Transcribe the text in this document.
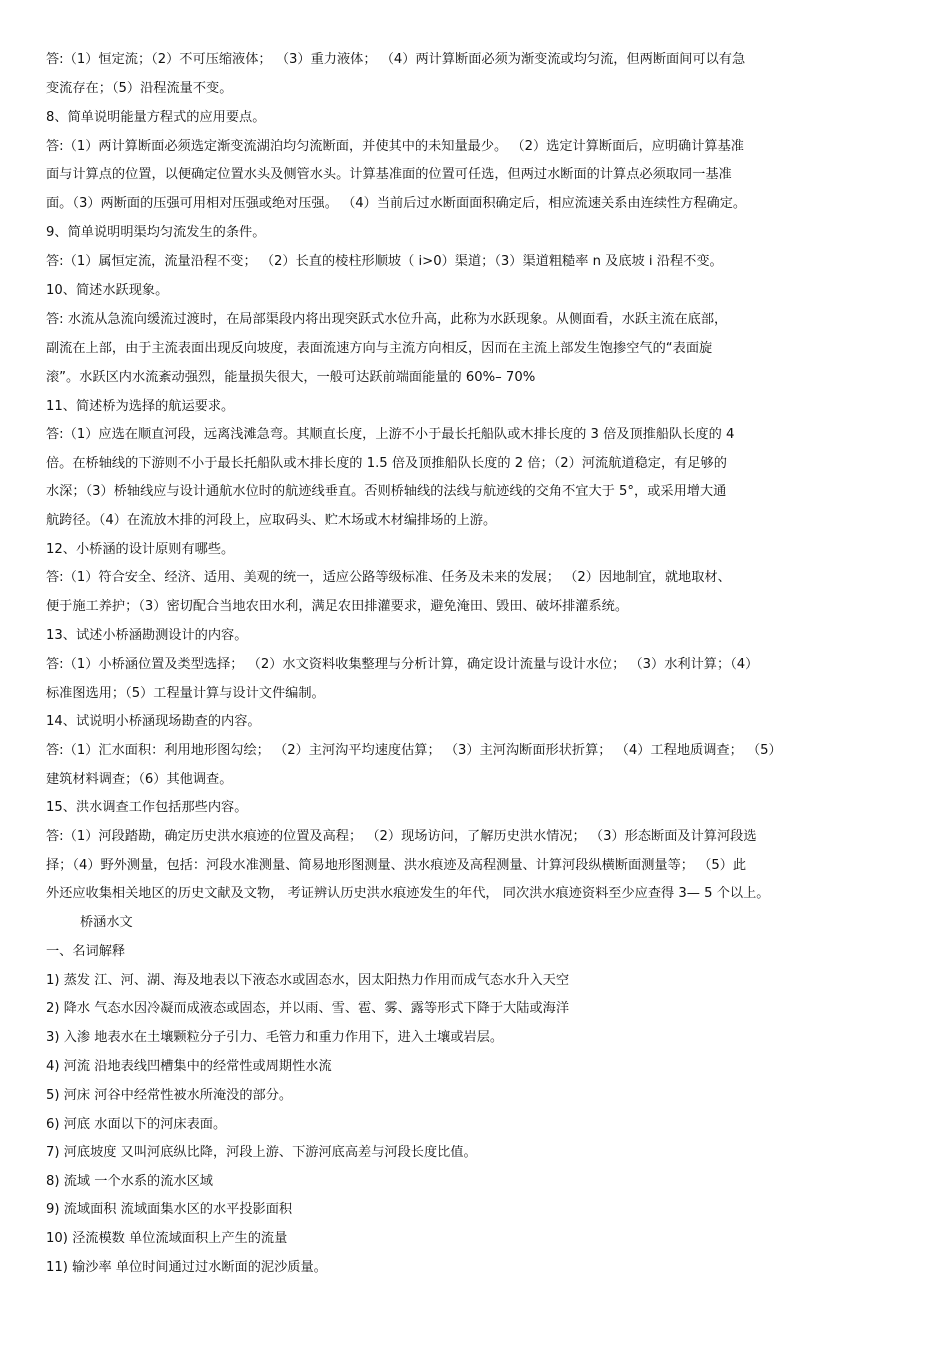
答:（1）恒定流；（2）不可压缩液体； （3）重力液体； （4）两计算断面必须为渐变流或均匀流，但两断面间可以有急
变流存在；（5）沿程流量不变。
8、简单说明能量方程式的应用要点。
答:（1）两计算断面必须选定渐变流湖泊均匀流断面，并使其中的未知量最少。 （2）选定计算断面后，应明确计算基准
面与计算点的位置，以便确定位置水头及侧管水头。计算基准面的位置可任选，但两过水断面的计算点必须取同一基准
面。（3）两断面的压强可用相对压强或绝对压强。 （4）当前后过水断面面积确定后，相应流速关系由连续性方程确定。
9、简单说明明渠均匀流发生的条件。
答:（1）属恒定流，流量沿程不变； （2）长直的棱柱形顺坡（ i>0）渠道；（3）渠道粗糙率 n 及底坡 i 沿程不变。
10、简述水跃现象。
答: 水流从急流向缓流过渡时，在局部渠段内将出现突跃式水位升高，此称为水跃现象。从侧面看，水跃主流在底部，
副流在上部，由于主流表面出现反向坡度，表面流速方向与主流方向相反，因而在主流上部发生饱掺空气的“表面旋
滚”。水跃区内水流紊动强烈，能量损失很大，一般可达跃前端面能量的 60%– 70%
11、简述桥为选择的航运要求。
答:（1）应选在顺直河段，远离浅滩急弯。其顺直长度，上游不小于最长托船队或木排长度的 3 倍及顶推船队长度的 4
倍。在桥轴线的下游则不小于最长托船队或木排长度的 1.5 倍及顶推船队长度的 2 倍；（2）河流航道稳定，有足够的
水深；（3）桥轴线应与设计通航水位时的航迹线垂直。否则桥轴线的法线与航迹线的交角不宜大于 5°，或采用增大通
航跨径。（4）在流放木排的河段上，应取码头、贮木场或木材编排场的上游。
12、小桥涵的设计原则有哪些。
答:（1）符合安全、经济、适用、美观的统一，适应公路等级标准、任务及未来的发展； （2）因地制宜，就地取材、
便于施工养护；（3）密切配合当地农田水利，满足农田排灌要求，避免淹田、毁田、破坏排灌系统。
13、试述小桥涵勘测设计的内容。
答:（1）小桥涵位置及类型选择； （2）水文资料收集整理与分析计算，确定设计流量与设计水位； （3）水利计算；（4）
标准图选用；（5）工程量计算与设计文件编制。
14、试说明小桥涵现场勘查的内容。
答:（1）汇水面积：利用地形图勾绘； （2）主河沟平均速度估算； （3）主河沟断面形状折算； （4）工程地质调查； （5）
建筑材料调查；（6）其他调查。
15、洪水调查工作包括那些内容。
答:（1）河段踏勘，确定历史洪水痕迹的位置及高程； （2）现场访问，了解历史洪水情况； （3）形态断面及计算河段选
择；（4）野外测量，包括：河段水准测量、简易地形图测量、洪水痕迹及高程测量、计算河段纵横断面测量等； （5）此
外还应收集相关地区的历史文献及文物， 考证辨认历史洪水痕迹发生的年代， 同次洪水痕迹资料至少应查得 3— 5 个以上。
桥涵水文
一、名词解释
1) 蒸发 江、河、湖、海及地表以下液态水或固态水，因太阳热力作用而成气态水升入天空
2) 降水 气态水因冷凝而成液态或固态，并以雨、雪、雹、雾、露等形式下降于大陆或海洋
3) 入渗 地表水在土壤颗粒分子引力、毛管力和重力作用下，进入土壤或岩层。
4) 河流 沿地表线凹槽集中的经常性或周期性水流
5) 河床 河谷中经常性被水所淹没的部分。
6) 河底 水面以下的河床表面。
7) 河底坡度 又叫河底纵比降，河段上游、下游河底高差与河段长度比值。
8) 流域 一个水系的流水区域
9) 流域面积 流域面集水区的水平投影面积
10) 泾流模数 单位流域面积上产生的流量
11) 输沙率 单位时间通过过水断面的泥沙质量。
